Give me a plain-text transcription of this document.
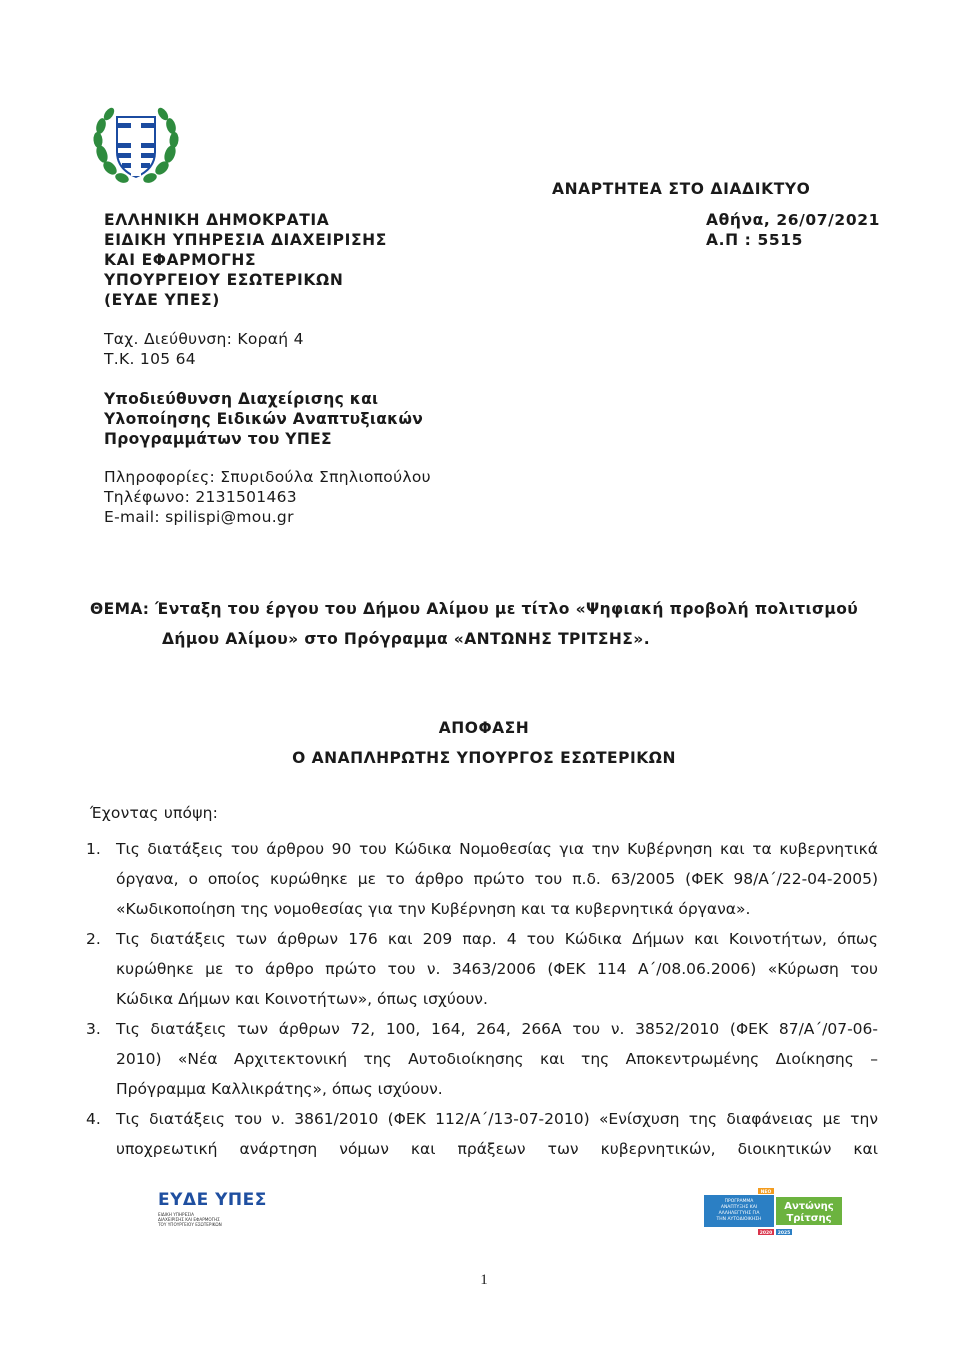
ΑΝΑΡΤΗΤΕΑ ΣΤΟ ΔΙΑΔΙΚΤΥΟ
ΕΛΛΗΝΙΚΗ ΔΗΜΟΚΡΑΤΙΑ
ΕΙΔΙΚΗ ΥΠΗΡΕΣΙΑ ΔΙΑΧΕΙΡΙΣΗΣ
ΚΑΙ ΕΦΑΡΜΟΓΗΣ
ΥΠΟΥΡΓΕΙΟΥ ΕΣΩΤΕΡΙΚΩΝ
(ΕΥΔΕ ΥΠΕΣ)
Αθήνα, 26/07/2021
Α.Π : 5515
Ταχ. Διεύθυνση: Κοραή 4
Τ.Κ. 105 64
Υποδιεύθυνση Διαχείρισης και
Υλοποίησης Ειδικών Αναπτυξιακών
Προγραμμάτων του ΥΠΕΣ
Πληροφορίες: Σπυριδούλα Σπηλιοπούλου
Τηλέφωνο: 2131501463
E-mail: spilispi@mou.gr
ΘΕΜΑ: Ένταξη του έργου του Δήμου Αλίμου με τίτλο «Ψηφιακή προβολή πολιτισμού
Δήμου Αλίμου» στο Πρόγραμμα «ΑΝΤΩΝΗΣ ΤΡΙΤΣΗΣ».
ΑΠΟΦΑΣΗ
Ο ΑΝΑΠΛΗΡΩΤΗΣ ΥΠΟΥΡΓΟΣ ΕΣΩΤΕΡΙΚΩΝ
Έχοντας υπόψη:
1. Τις διατάξεις του άρθρου 90 του Κώδικα Νομοθεσίας για την Κυβέρνηση και τα κυβερνητικά
όργανα, ο οποίος κυρώθηκε με το άρθρο πρώτο του π.δ. 63/2005 (ΦΕΚ 98/Α΄/22-04-2005)
«Κωδικοποίηση της νομοθεσίας για την Κυβέρνηση και τα κυβερνητικά όργανα».
2. Τις διατάξεις των άρθρων 176 και 209 παρ. 4 του Κώδικα Δήμων και Κοινοτήτων, όπως
κυρώθηκε με το άρθρο πρώτο του ν. 3463/2006 (ΦΕΚ 114 Α΄/08.06.2006) «Κύρωση του
Κώδικα Δήμων και Κοινοτήτων», όπως ισχύουν.
3. Τις διατάξεις των άρθρων 72, 100, 164, 264, 266Α του ν. 3852/2010 (ΦΕΚ 87/Α΄/07-06-
2010) «Νέα Αρχιτεκτονική της Αυτοδιοίκησης και της Αποκεντρωμένης Διοίκησης –
Πρόγραμμα Καλλικράτης», όπως ισχύουν.
4. Τις διατάξεις του ν. 3861/2010 (ΦΕΚ 112/Α΄/13-07-2010) «Ενίσχυση της διαφάνειας με την
υποχρεωτική ανάρτηση νόμων και πράξεων των κυβερνητικών, διοικητικών και
ΕΥΔΕ ΥΠΕΣ
ΕΙΔΙΚΗ ΥΠΗΡΕΣΙΑ
ΔΙΑΧΕΙΡΙΣΗΣ ΚΑΙ ΕΦΑΡΜΟΓΗΣ
ΤΟΥ ΥΠΟΥΡΓΕΙΟΥ ΕΣΩΤΕΡΙΚΩΝ
ΝΕΟ
ΠΡΟΓΡΑΜΜΑ
ΑΝΑΠΤΥΞΗΣ ΚΑΙ
ΑΛΛΗΛΕΓΓΥΗΣ ΓΙΑ
ΤΗΝ ΑΥΤΟΔΙΟΙΚΗΣΗ
Αντώνης
Τρίτσης
2020 2025
1
